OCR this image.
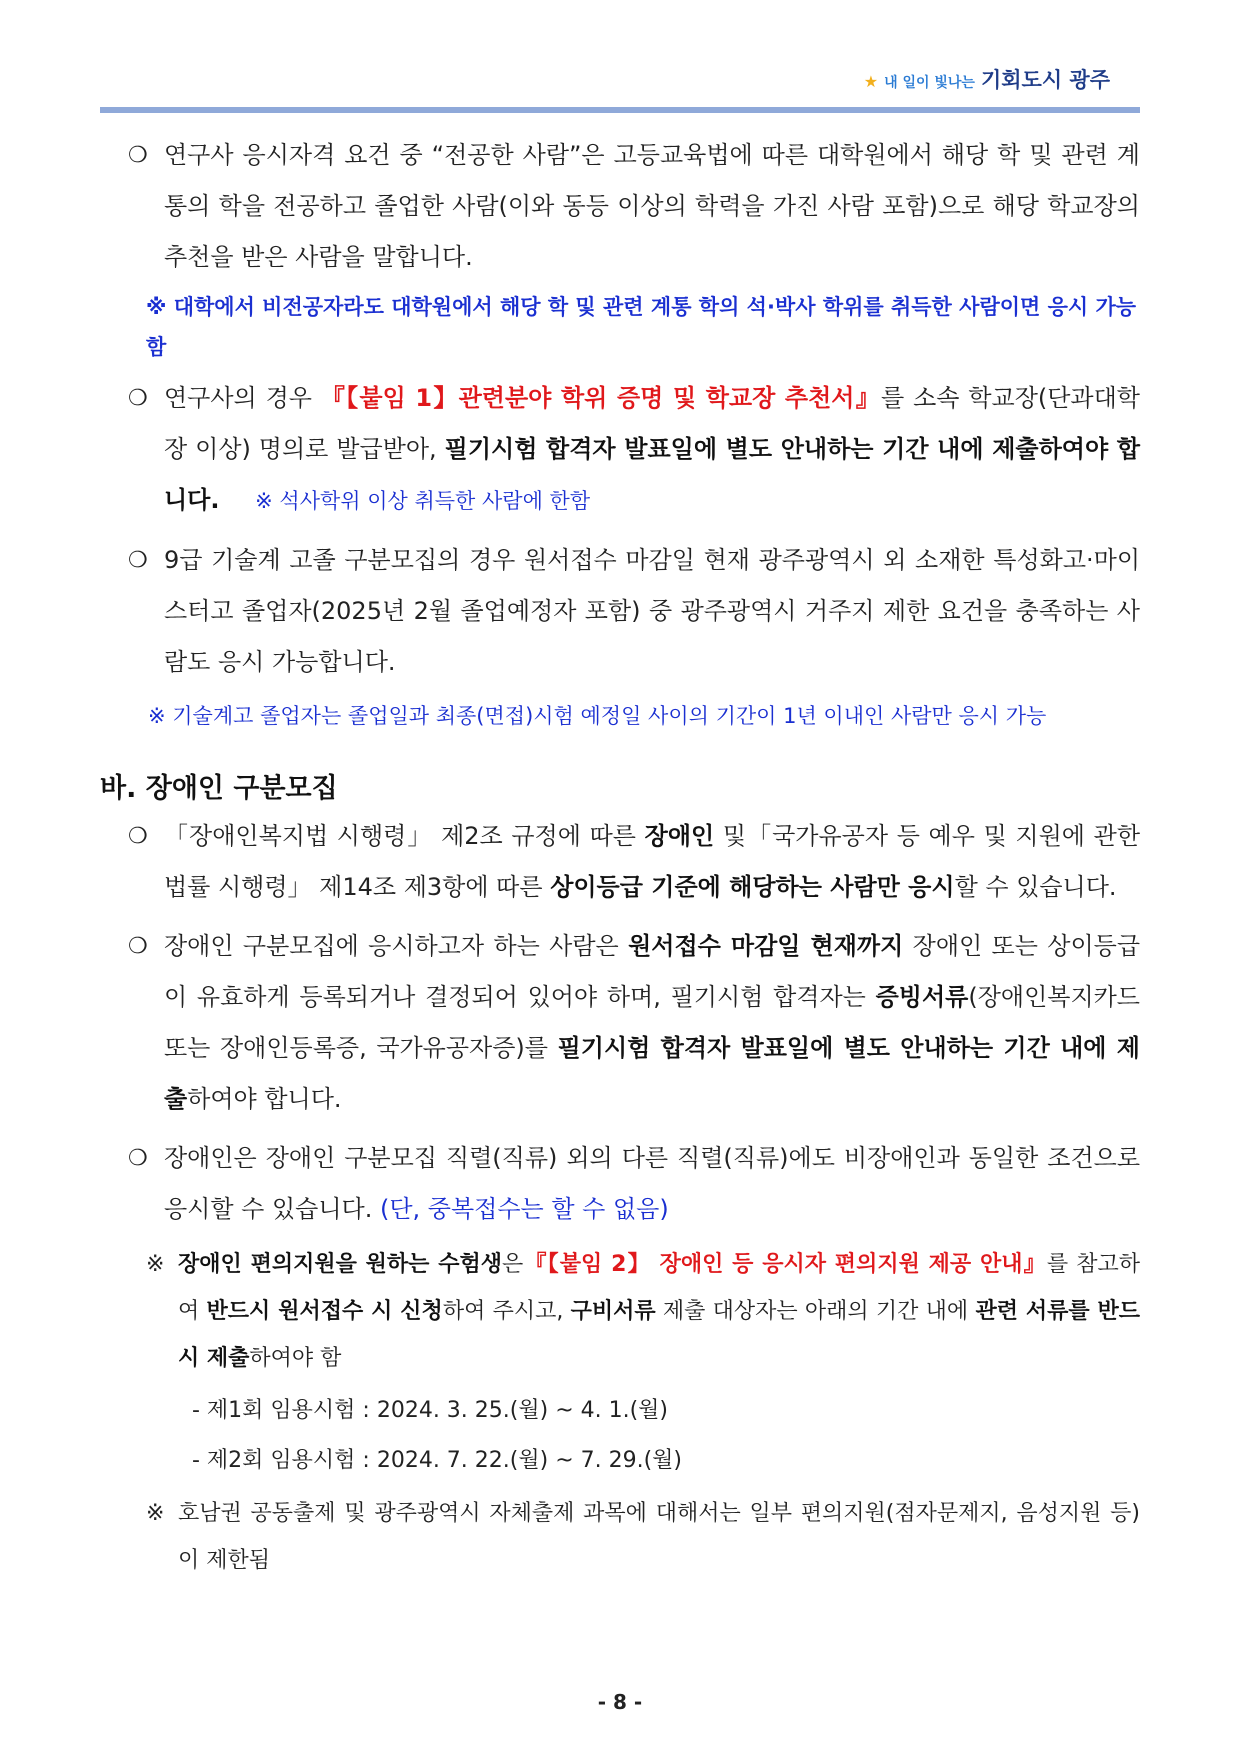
★ 내 일이 빛나는 기회도시 광주

❍ 연구사 응시자격 요건 중 “전공한 사람”은 고등교육법에 따른 대학원에서 해당 학 및 관련 계통의 학을 전공하고 졸업한 사람(이와 동등 이상의 학력을 가진 사람 포함)으로 해당 학교장의 추천을 받은 사람을 말합니다.

※ 대학에서 비전공자라도 대학원에서 해당 학 및 관련 계통 학의 석·박사 학위를 취득한 사람이면 응시 가능함

❍ 연구사의 경우 『【붙임 1】관련분야 학위 증명 및 학교장 추천서』를 소속 학교장(단과대학장 이상) 명의로 발급받아, 필기시험 합격자 발표일에 별도 안내하는 기간 내에 제출하여야 합니다. ※ 석사학위 이상 취득한 사람에 한함

❍ 9급 기술계 고졸 구분모집의 경우 원서접수 마감일 현재 광주광역시 외 소재한 특성화고·마이스터고 졸업자(2025년 2월 졸업예정자 포함) 중 광주광역시 거주지 제한 요건을 충족하는 사람도 응시 가능합니다.

※ 기술계고 졸업자는 졸업일과 최종(면접)시험 예정일 사이의 기간이 1년 이내인 사람만 응시 가능

바. 장애인 구분모집

❍ 「장애인복지법 시행령」 제2조 규정에 따른 장애인 및「국가유공자 등 예우 및 지원에 관한 법률 시행령」 제14조 제3항에 따른 상이등급 기준에 해당하는 사람만 응시할 수 있습니다.

❍ 장애인 구분모집에 응시하고자 하는 사람은 원서접수 마감일 현재까지 장애인 또는 상이등급이 유효하게 등록되거나 결정되어 있어야 하며, 필기시험 합격자는 증빙서류(장애인복지카드 또는 장애인등록증, 국가유공자증)를 필기시험 합격자 발표일에 별도 안내하는 기간 내에 제출하여야 합니다.

❍ 장애인은 장애인 구분모집 직렬(직류) 외의 다른 직렬(직류)에도 비장애인과 동일한 조건으로 응시할 수 있습니다. (단, 중복접수는 할 수 없음)

※ 장애인 편의지원을 원하는 수험생은『【붙임 2】 장애인 등 응시자 편의지원 제공 안내』를 참고하여 반드시 원서접수 시 신청하여 주시고, 구비서류 제출 대상자는 아래의 기간 내에 관련 서류를 반드시 제출하여야 함

- 제1회 임용시험 : 2024. 3. 25.(월) ~ 4. 1.(월)

- 제2회 임용시험 : 2024. 7. 22.(월) ~ 7. 29.(월)

※ 호남권 공동출제 및 광주광역시 자체출제 과목에 대해서는 일부 편의지원(점자문제지, 음성지원 등)이 제한됨

- 8 -
